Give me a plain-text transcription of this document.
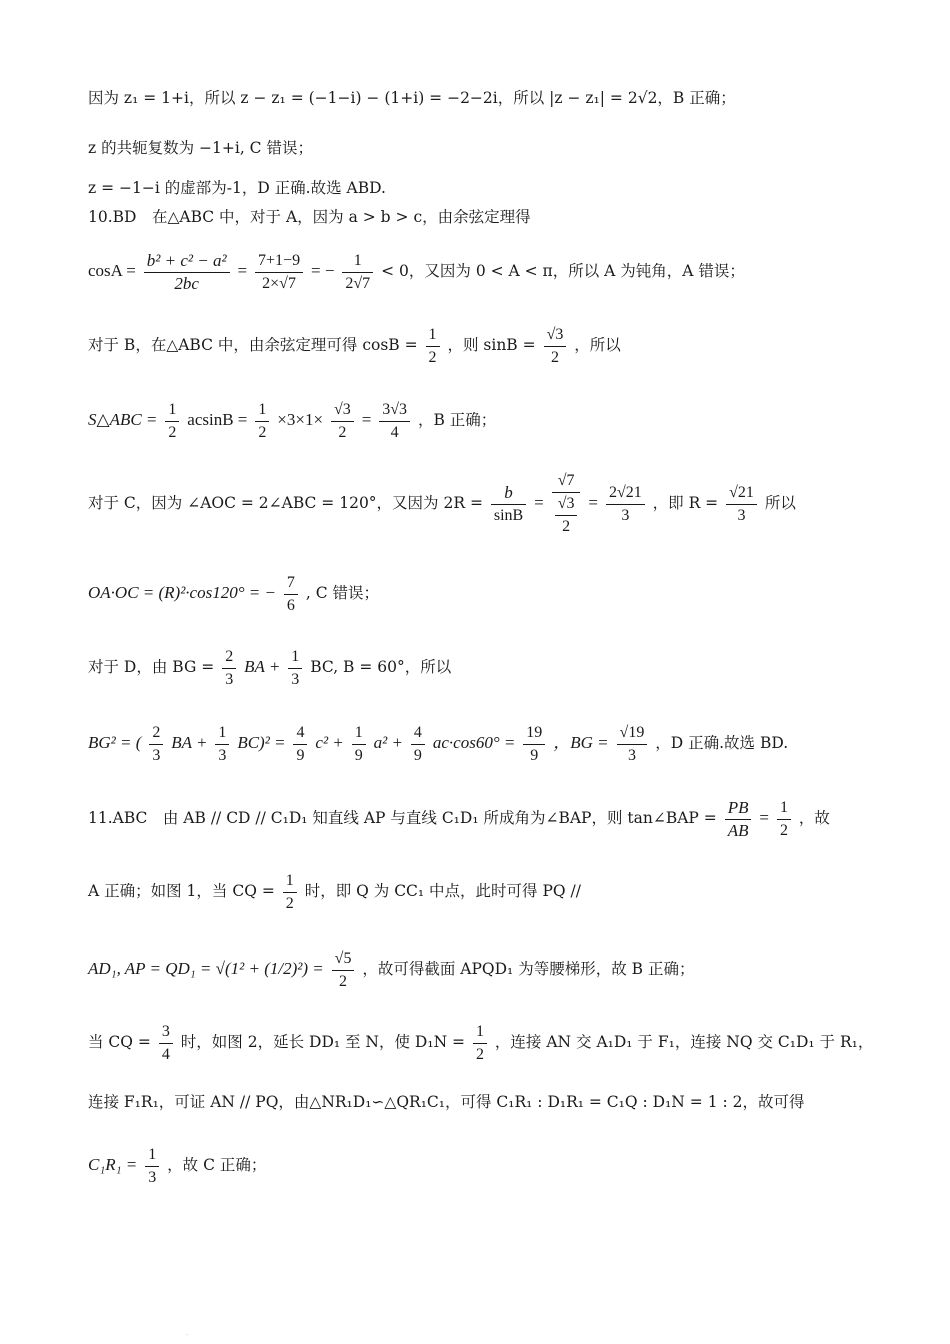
因为 z₁ = 1+i，所以 z − z₁ = (−1−i) − (1+i) = −2−2i，所以 |z − z₁| = 2√2，B 正确；
z 的共轭复数为 −1+i, C 错误；
z = −1−i 的虚部为-1，D 正确.故选 ABD.
10.BD　在△ABC 中，对于 A，因为 a > b > c，由余弦定理得
$\cos A = \frac{\text{b² + c² − a²}}{2bc} = \frac{7+1-9}{2\times√7}$ = − $\frac{1}{2√7} < 0$，又因为 0 < A < π，所以 A 为钝角，A 错误；
对于 B，在△ABC 中，由余弦定理可得 $\cos B = \frac{1}{2}$ ，则 $\sin B = \frac{√3}{2}$ ，所以
S△ABC = $\frac{1}{2}$ $acsinB = \frac{1}{2} \times 3\times 1\times \frac{√3}{2} = \frac{3√3}{4}$ ，B 正确；
对于 C，因为 ∠AOC = 2∠ABC = 120°，又因为 $2R = \frac{b}{\sin B} = \frac{√7}{\frac{√3}{2}} = \frac{2√21}{3}$ ，即 $R = \frac{√21}{3}$ 所以
OA·OC = (R)²·cos120° = − $\frac{7}{6}$ , C 错误；
对于 D，由 BG = $\frac{2}{3}$ BA + $\frac{1}{3}$ BC, B = 60°，所以
BG² = ( $\frac{2}{3}$ BA + $\frac{1}{3} BC)^2 = \frac{4}{9} c^2 + \frac{1}{9} a^2 + \frac{4}{9} ac\cdot\cos 60^\circ = \frac{19}{9}$ ，BG = $\frac{√19}{3}$ ，D 正确.故选 BD.
11.ABC　由 AB // CD // C₁D₁ 知直线 AP 与直线 C₁D₁ 所成角为∠BAP，则 tan∠BAP = $\frac{PB}{AB} = \frac{1}{2}$ ，故
A 正确；如图 1，当 CQ = $\frac{1}{2}$ 时，即 Q 为 CC₁ 中点，此时可得 PQ //
AD₁, AP = $QD_1 = √(1^2 + (1/2)^2) = \frac{√5}{2}$ ，故可得截面 APQD₁ 为等腰梯形，故 B 正确；
当 CQ = $\frac{3}{4}$ 时，如图 2，延长 DD₁ 至 N，使 $D_1N = \frac{1}{2}$ ，连接 AN 交 A₁D₁ 于 F₁，连接 NQ 交 C₁D₁ 于 R₁，
连接 F₁R₁，可证 AN // PQ，由△NR₁D₁∽△QR₁C₁，可得 C₁R₁ : D₁R₁ = C₁Q : D₁N = 1 : 2，故可得
$C_1R_1 = \frac{1}{3}$ ，故 C 正确；
.
